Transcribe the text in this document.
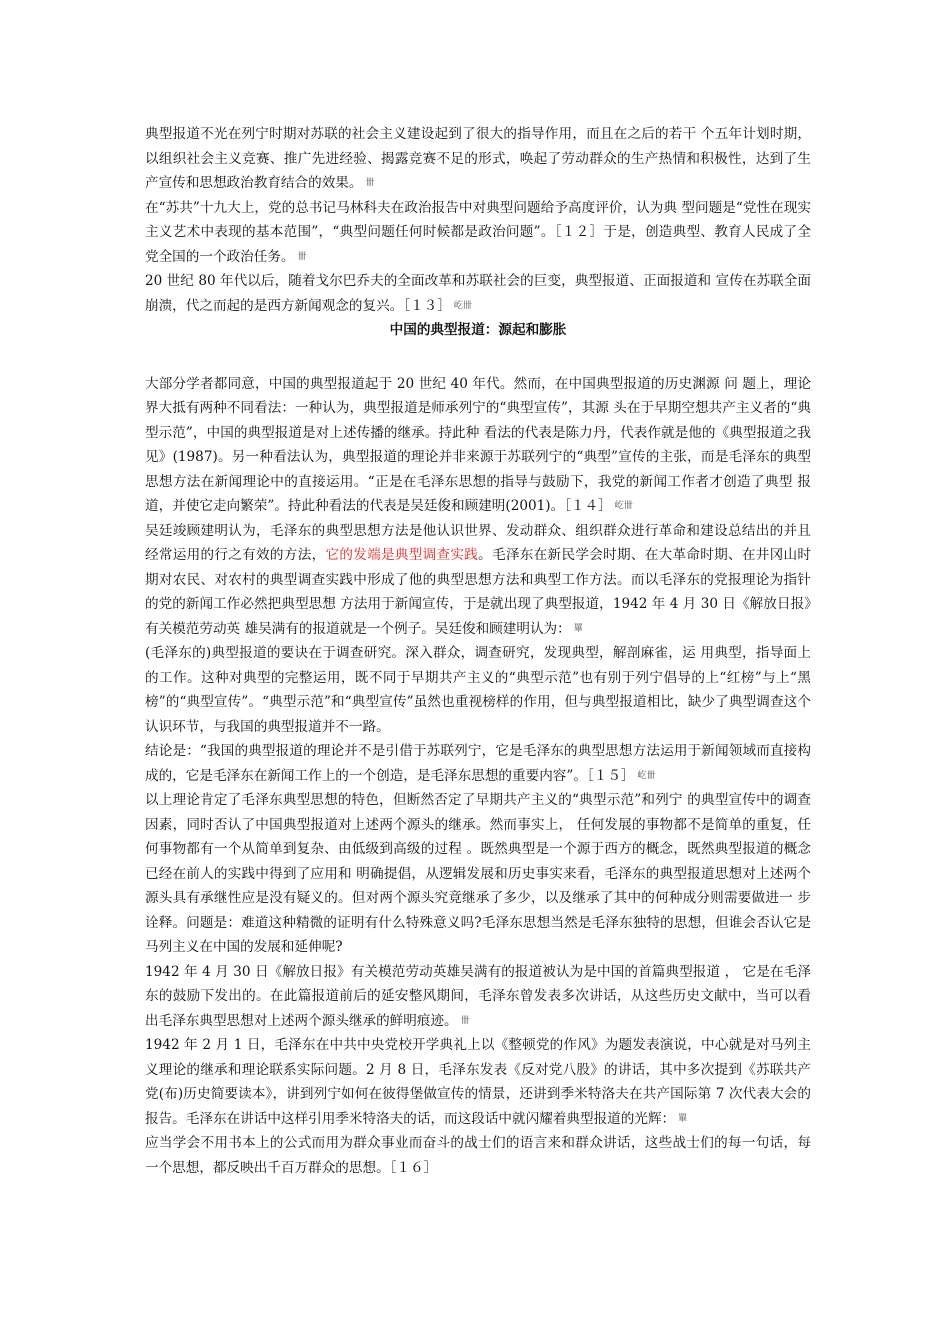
典型报道不光在列宁时期对苏联的社会主义建设起到了很大的指导作用，而且在之后的若干 个五年计划时期，以组织社会主义竞赛、推广先进经验、揭露竞赛不足的形式，唤起了劳动群众的生产热情和积极性，达到了生产宣传和思想政治教育结合的效果。 卌

在“苏共”十九大上，党的总书记马林科夫在政治报告中对典型问题给予高度评价，认为典 型问题是“党性在现实主义艺术中表现的基本范围”，“典型问题任何时候都是政治问题”。［１２］于是，创造典型、教育人民成了全党全国的一个政治任务。 卌

20 世纪 80 年代以后，随着戈尔巴乔夫的全面改革和苏联社会的巨变，典型报道、正面报道和 宣传在苏联全面崩溃，代之而起的是西方新闻观念的复兴。［１３］ 屹卌

中国的典型报道：源起和膨胀

大部分学者都同意，中国的典型报道起于 20 世纪 40 年代。然而，在中国典型报道的历史渊源 问 题上，理论界大抵有两种不同看法：一种认为，典型报道是师承列宁的“典型宣传”，其源 头在于早期空想共产主义者的“典型示范”，中国的典型报道是对上述传播的继承。持此种 看法的代表是陈力丹，代表作就是他的《典型报道之我见》(1987)。另一种看法认为，典型报道的理论并非来源于苏联列宁的“典型”宣传的主张，而是毛泽东的典型思想方法在新闻理论中的直接运用。“正是在毛泽东思想的指导与鼓励下，我党的新闻工作者才创造了典型 报道，并使它走向繁荣”。持此种看法的代表是吴廷俊和顾建明(2001)。［１４］ 屹卌

吴廷竣顾建明认为，毛泽东的典型思想方法是他认识世界、发动群众、组织群众进行革命和建设总结出的并且经常运用的行之有效的方法，它的发端是典型调查实践。毛泽东在新民学会时期、在大革命时期、在井冈山时期对农民、对农村的典型调查实践中形成了他的典型思想方法和典型工作方法。而以毛泽东的党报理论为指针的党的新闻工作必然把典型思想 方法用于新闻宣传，于是就出现了典型报道，1942 年 4 月 30 日《解放日报》有关模范劳动英 雄吴满有的报道就是一个例子。吴廷俊和顾建明认为： 罼

(毛泽东的)典型报道的要诀在于调查研究。深入群众，调查研究，发现典型，解剖麻雀，运 用典型，指导面上的工作。这种对典型的完整运用，既不同于早期共产主义的“典型示范”也有别于列宁倡导的上“红榜”与上“黑榜”的“典型宣传”。“典型示范”和“典型宣传”虽然也重视榜样的作用，但与典型报道相比，缺少了典型调查这个认识环节，与我国的典型报道并不一路。

结论是：“我国的典型报道的理论并不是引借于苏联列宁，它是毛泽东的典型思想方法运用于新闻领域而直接构成的，它是毛泽东在新闻工作上的一个创造，是毛泽东思想的重要内容”。［１５］ 屹卌

以上理论肯定了毛泽东典型思想的特色，但断然否定了早期共产主义的“典型示范”和列宁 的典型宣传中的调查因素，同时否认了中国典型报道对上述两个源头的继承。然而事实上， 任何发展的事物都不是简单的重复，任何事物都有一个从简单到复杂、由低级到高级的过程 。既然典型是一个源于西方的概念，既然典型报道的概念已经在前人的实践中得到了应用和 明确提倡，从逻辑发展和历史事实来看，毛泽东的典型报道思想对上述两个源头具有承继性应是没有疑义的。但对两个源头究竟继承了多少，以及继承了其中的何种成分则需要做进一 步诠释。问题是：难道这种精微的证明有什么特殊意义吗?毛泽东思想当然是毛泽东独特的思想，但谁会否认它是马列主义在中国的发展和延伸呢?

1942 年 4 月 30 日《解放日报》有关模范劳动英雄吴满有的报道被认为是中国的首篇典型报道 ， 它是在毛泽东的鼓励下发出的。在此篇报道前后的延安整风期间，毛泽东曾发表多次讲话，从这些历史文献中，当可以看出毛泽东典型思想对上述两个源头继承的鲜明痕迹。 卌

1942 年 2 月 1 日，毛泽东在中共中央党校开学典礼上以《整顿党的作风》为题发表演说，中心就是对马列主义理论的继承和理论联系实际问题。2 月 8 日，毛泽东发表《反对党八股》的讲话，其中多次提到《苏联共产党(布)历史简要读本》，讲到列宁如何在彼得堡做宣传的情景，还讲到季米特洛夫在共产国际第 7 次代表大会的报告。毛泽东在讲话中这样引用季米特洛夫的话，而这段话中就闪耀着典型报道的光辉： 罼

应当学会不用书本上的公式而用为群众事业而奋斗的战士们的语言来和群众讲话，这些战士们的每一句话，每一个思想，都反映出千百万群众的思想。［１６］
